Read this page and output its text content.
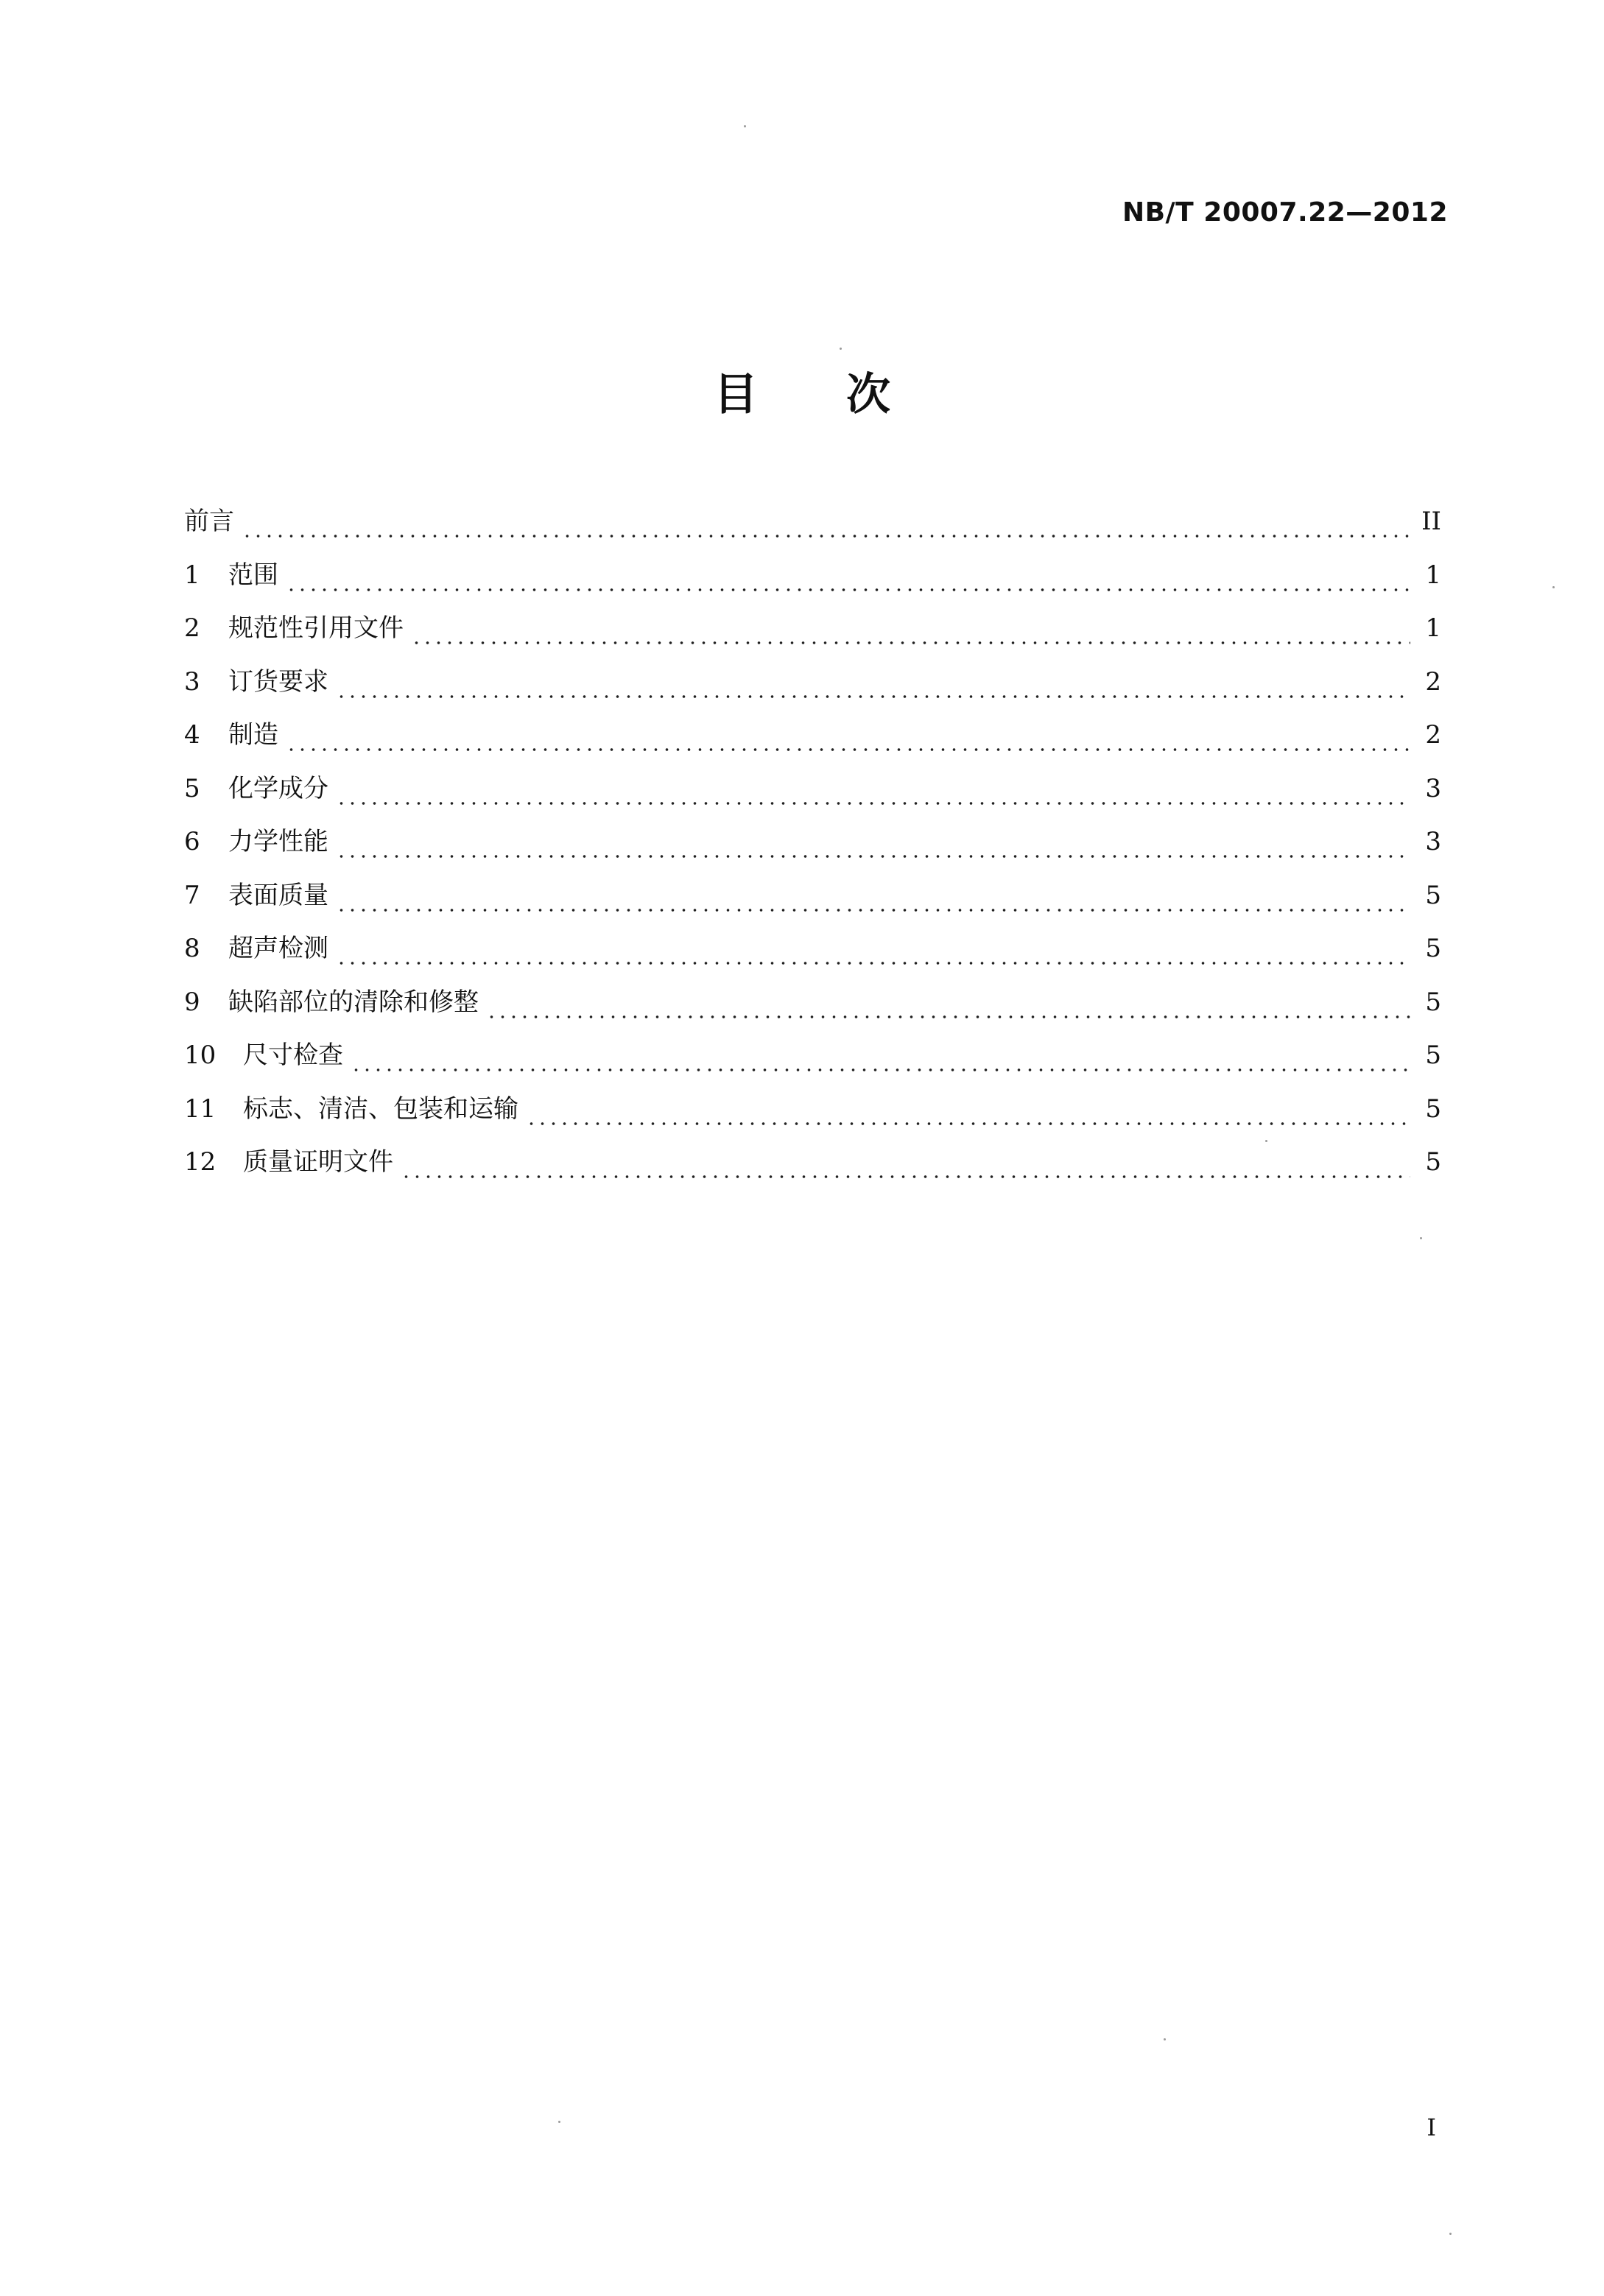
NB/T 20007.22—2012
目次
前言	II
1	范围	1
2	规范性引用文件	1
3	订货要求	2
4	制造	2
5	化学成分	3
6	力学性能	3
7	表面质量	5
8	超声检测	5
9	缺陷部位的清除和修整	5
10	尺寸检查	5
11	标志、清洁、包装和运输	5
12	质量证明文件	5
I
